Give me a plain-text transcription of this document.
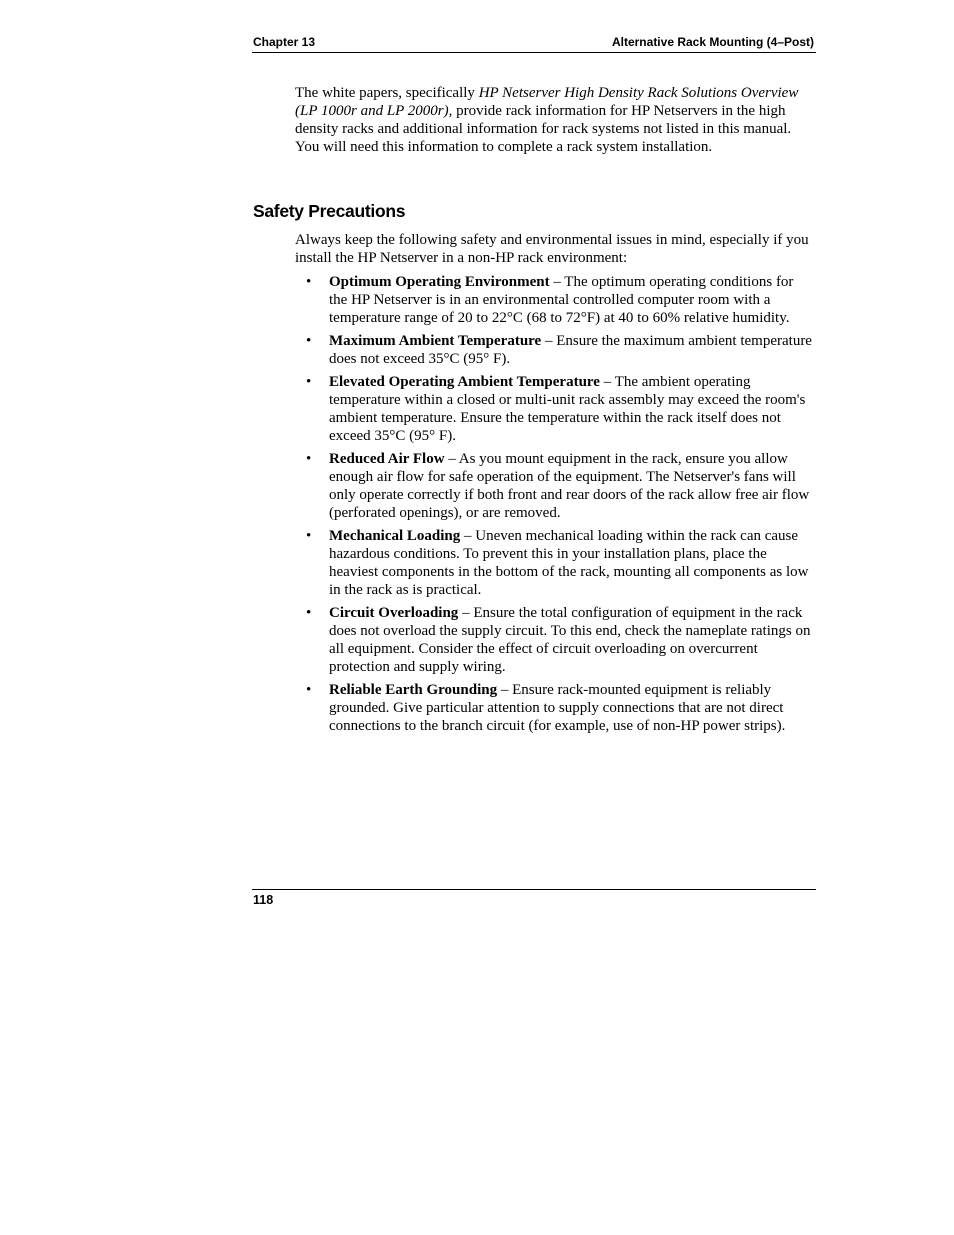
Chapter 13	Alternative Rack Mounting (4–Post)

The white papers, specifically HP Netserver High Density Rack Solutions Overview (LP 1000r and LP 2000r), provide rack information for HP Netservers in the high density racks and additional information for rack systems not listed in this manual. You will need this information to complete a rack system installation.

Safety Precautions

Always keep the following safety and environmental issues in mind, especially if you install the HP Netserver in a non-HP rack environment:

• Optimum Operating Environment – The optimum operating conditions for the HP Netserver is in an environmental controlled computer room with a temperature range of 20 to 22°C (68 to 72°F) at 40 to 60% relative humidity.
• Maximum Ambient Temperature – Ensure the maximum ambient temperature does not exceed 35°C (95° F).
• Elevated Operating Ambient Temperature – The ambient operating temperature within a closed or multi-unit rack assembly may exceed the room's ambient temperature. Ensure the temperature within the rack itself does not exceed 35°C (95° F).
• Reduced Air Flow – As you mount equipment in the rack, ensure you allow enough air flow for safe operation of the equipment. The Netserver's fans will only operate correctly if both front and rear doors of the rack allow free air flow (perforated openings), or are removed.
• Mechanical Loading – Uneven mechanical loading within the rack can cause hazardous conditions. To prevent this in your installation plans, place the heaviest components in the bottom of the rack, mounting all components as low in the rack as is practical.
• Circuit Overloading – Ensure the total configuration of equipment in the rack does not overload the supply circuit. To this end, check the nameplate ratings on all equipment. Consider the effect of circuit overloading on overcurrent protection and supply wiring.
• Reliable Earth Grounding – Ensure rack-mounted equipment is reliably grounded. Give particular attention to supply connections that are not direct connections to the branch circuit (for example, use of non-HP power strips).
118
